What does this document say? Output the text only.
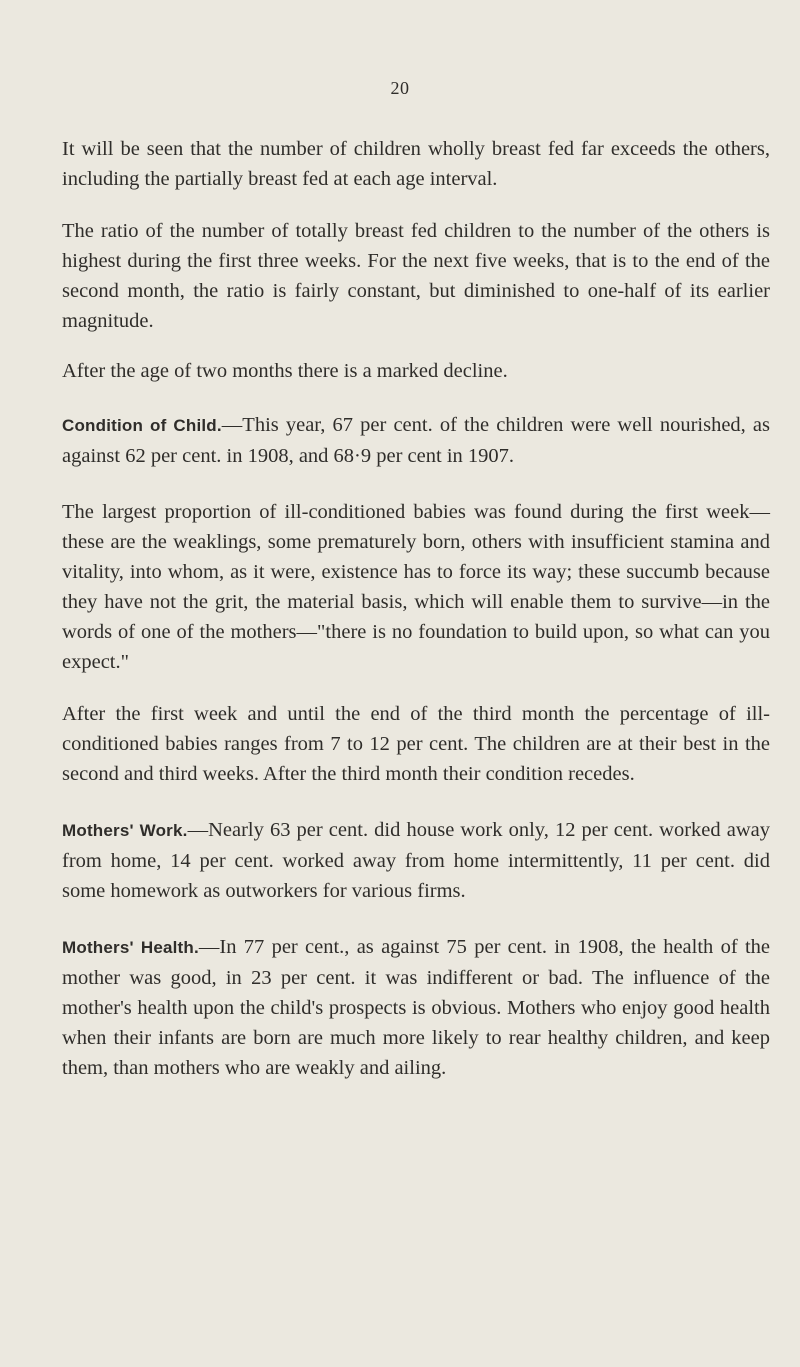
20

It will be seen that the number of children wholly breast fed far exceeds the others, including the partially breast fed at each age interval.

The ratio of the number of totally breast fed children to the number of the others is highest during the first three weeks. For the next five weeks, that is to the end of the second month, the ratio is fairly constant, but diminished to one-half of its earlier magnitude.

After the age of two months there is a marked decline.

Condition of Child.—This year, 67 per cent. of the children were well nourished, as against 62 per cent. in 1908, and 68·9 per cent in 1907.

The largest proportion of ill-conditioned babies was found during the first week—these are the weaklings, some prematurely born, others with insufficient stamina and vitality, into whom, as it were, existence has to force its way; these succumb because they have not the grit, the material basis, which will enable them to survive—in the words of one of the mothers—"there is no foundation to build upon, so what can you expect."

After the first week and until the end of the third month the percentage of ill-conditioned babies ranges from 7 to 12 per cent. The children are at their best in the second and third weeks. After the third month their condition recedes.

Mothers' Work.—Nearly 63 per cent. did house work only, 12 per cent. worked away from home, 14 per cent. worked away from home intermittently, 11 per cent. did some homework as outworkers for various firms.

Mothers' Health.—In 77 per cent., as against 75 per cent. in 1908, the health of the mother was good, in 23 per cent. it was indifferent or bad. The influence of the mother's health upon the child's prospects is obvious. Mothers who enjoy good health when their infants are born are much more likely to rear healthy children, and keep them, than mothers who are weakly and ailing.
